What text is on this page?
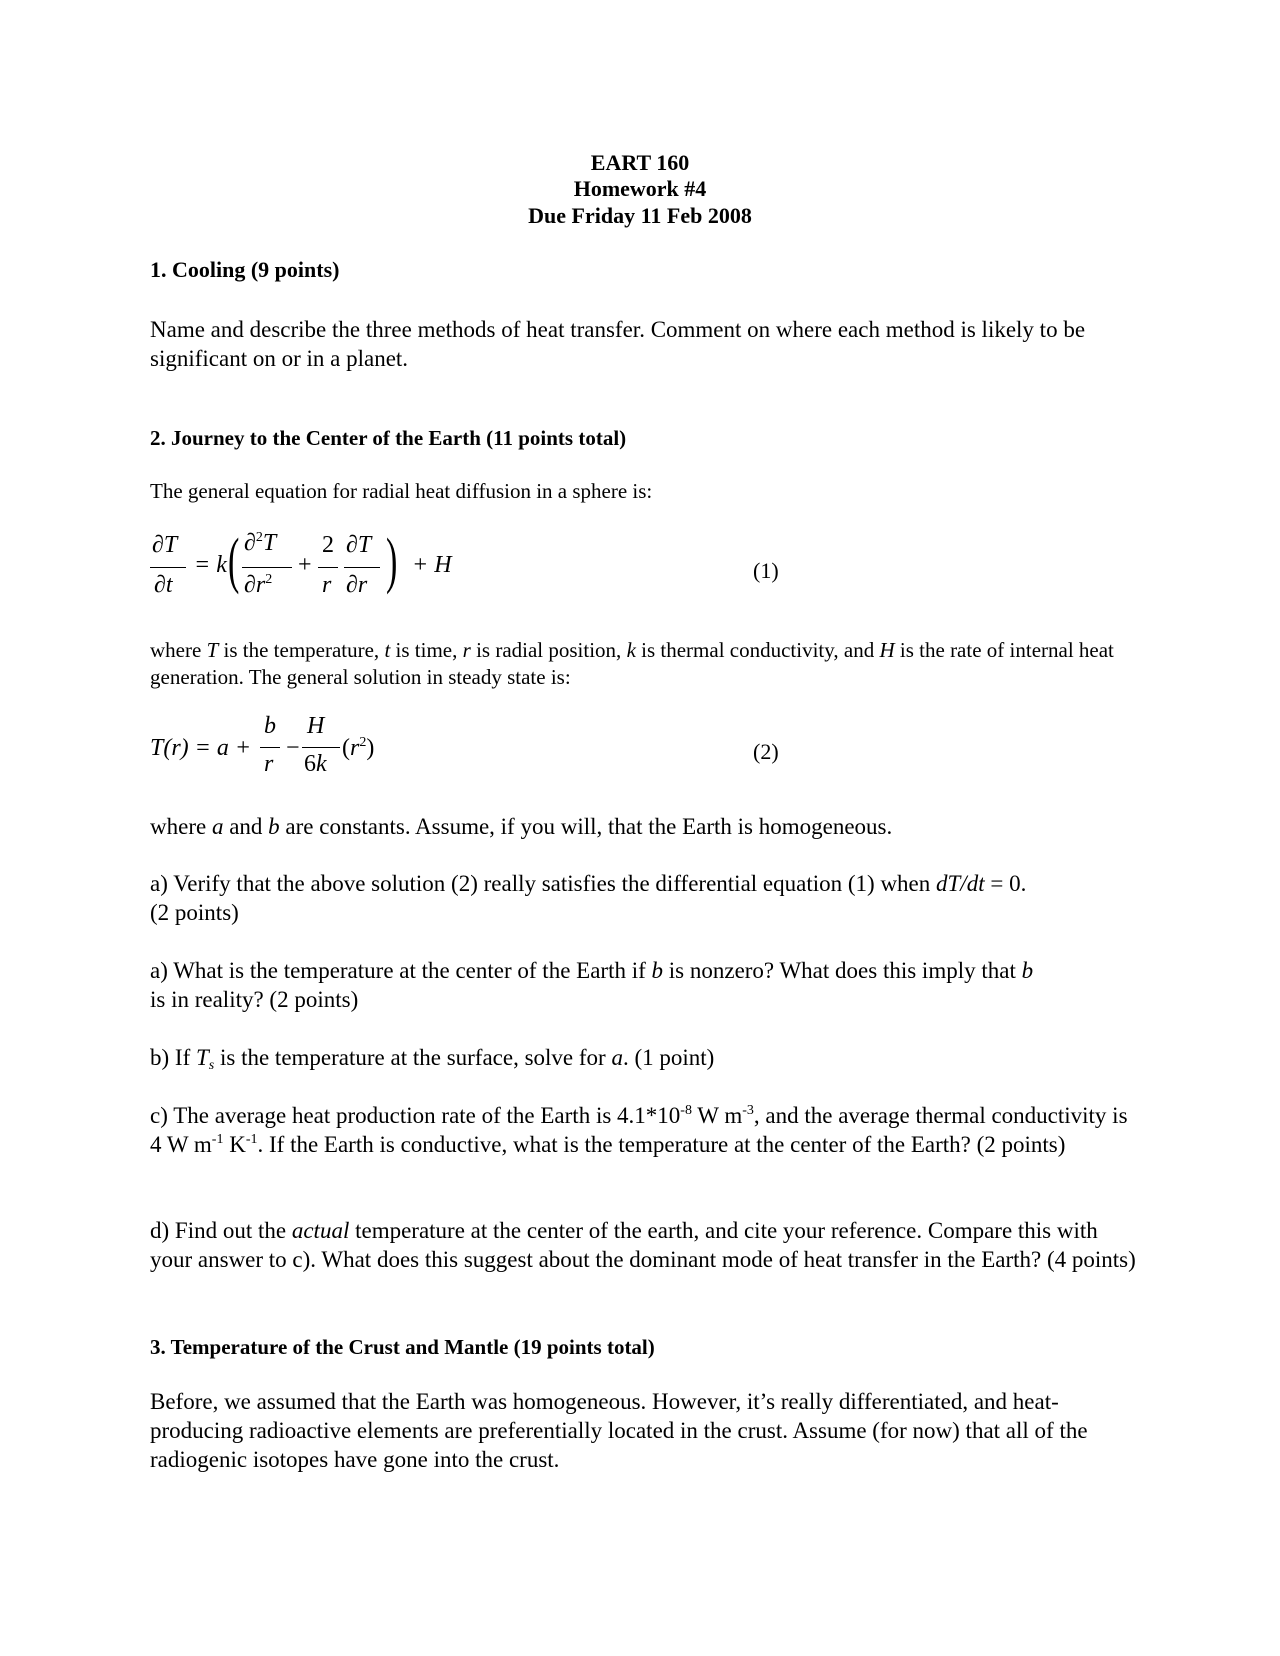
EART 160
Homework #4
Due Friday 11 Feb 2008
1. Cooling (9 points)
Name and describe the three methods of heat transfer. Comment on where each method is likely to be significant on or in a planet.
2. Journey to the Center of the Earth (11 points total)
The general equation for radial heat diffusion in a sphere is:
∂T
∂t
= k ( ∂$^2$T
$\partial r^2$
+
2
r
∂T
∂r ) + H	(1)
where T is the temperature, t is time, r is radial position, k is thermal conductivity, and H is the rate of internal heat generation. The general solution in steady state is:
T(r) = a +
b
r
−
H
6k
$(r^2)$	(2)
where a and b are constants. Assume, if you will, that the Earth is homogeneous.
a) Verify that the above solution (2) really satisfies the differential equation (1) when dT/dt = 0.
(2 points)
a) What is the temperature at the center of the Earth if b is nonzero? What does this imply that b
is in reality? (2 points)
b) If $T_s$ is the temperature at the surface, solve for a. (1 point)
c) The average heat production rate of the Earth is $4.1*10^{-8}$ W $m^{-3}$, and the average thermal conductivity is 4 W $m^{-1}$ $K^{-1}$. If the Earth is conductive, what is the temperature at the center of the Earth? (2 points)
d) Find out the actual temperature at the center of the earth, and cite your reference. Compare this with your answer to c). What does this suggest about the dominant mode of heat transfer in the Earth? (4 points)
3. Temperature of the Crust and Mantle (19 points total)
Before, we assumed that the Earth was homogeneous. However, it’s really differentiated, and heat-producing radioactive elements are preferentially located in the crust. Assume (for now) that all of the radiogenic isotopes have gone into the crust.
